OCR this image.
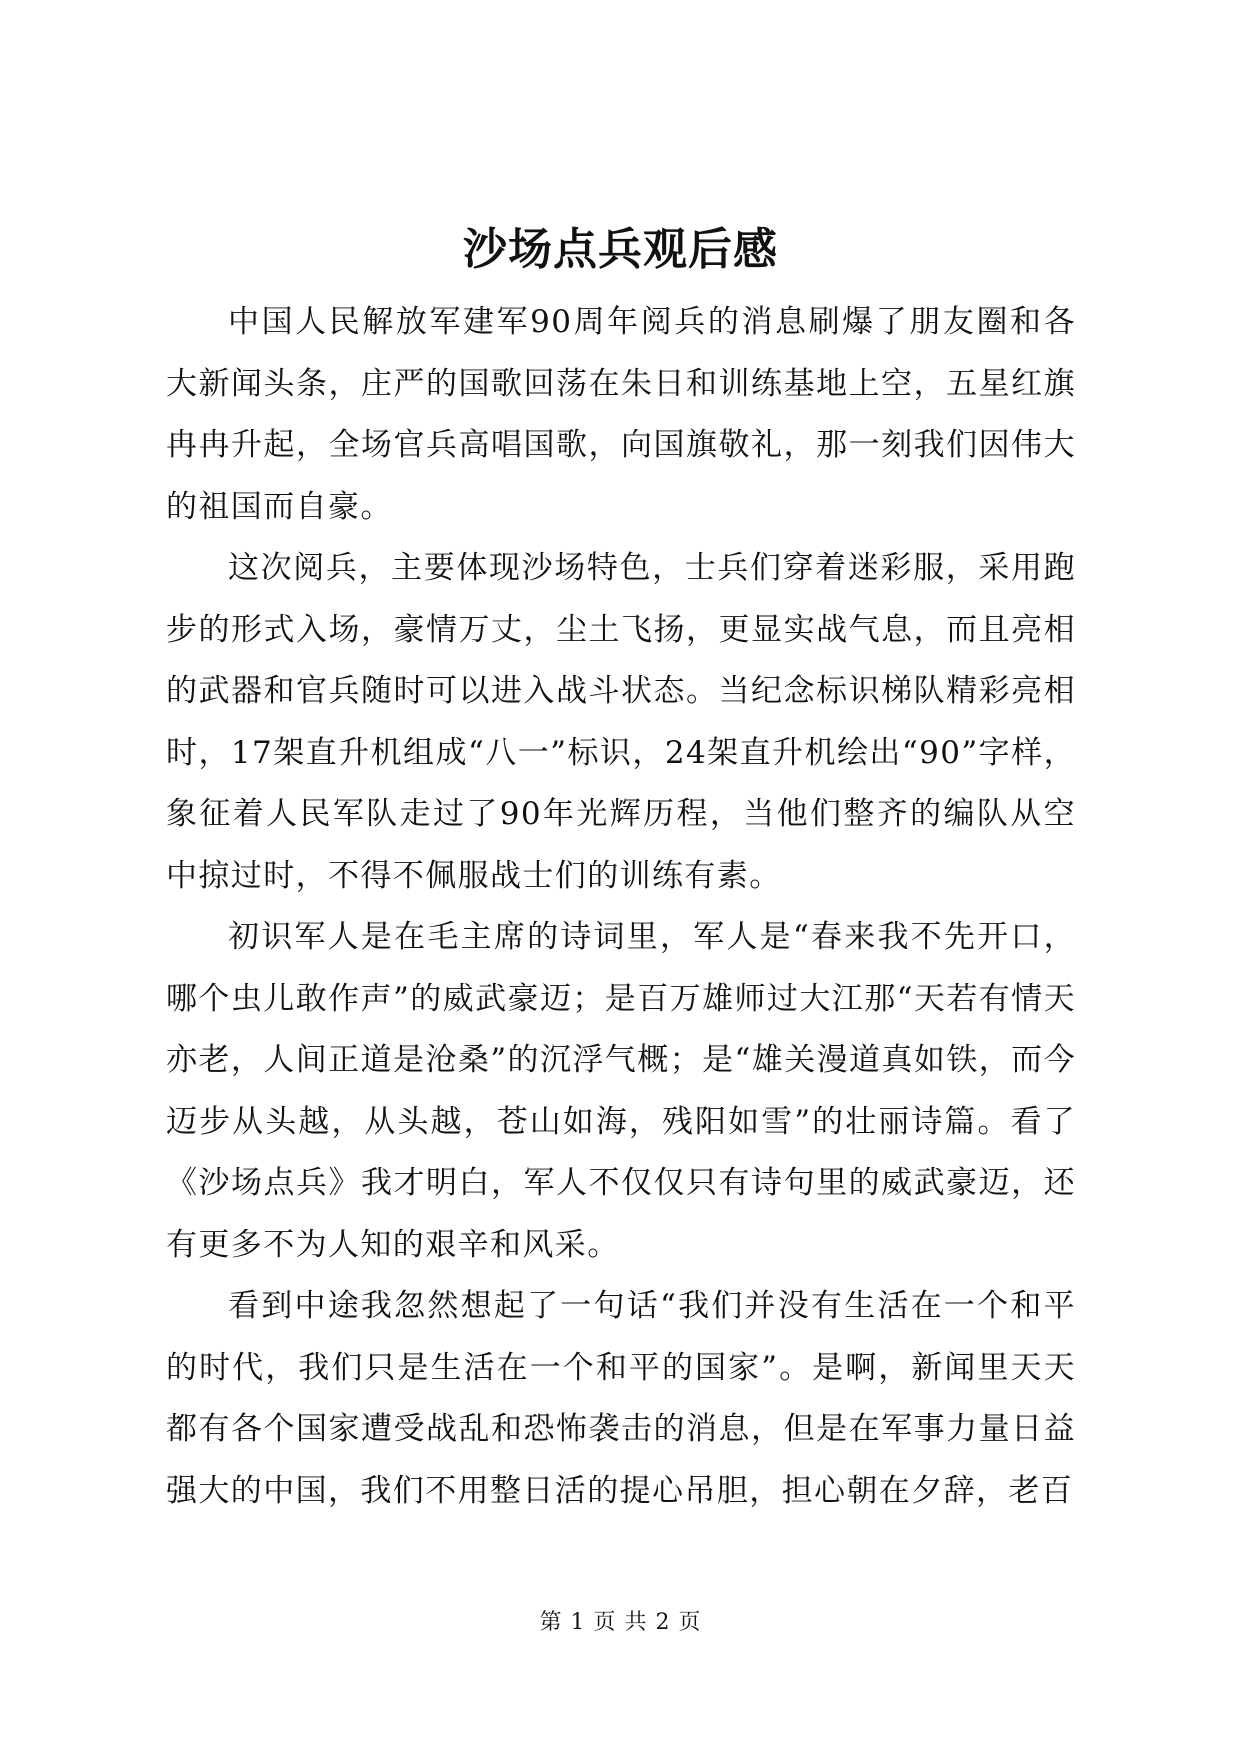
沙场点兵观后感

中国人民解放军建军90周年阅兵的消息刷爆了朋友圈和各大新闻头条，庄严的国歌回荡在朱日和训练基地上空，五星红旗冉冉升起，全场官兵高唱国歌，向国旗敬礼，那一刻我们因伟大的祖国而自豪。

这次阅兵，主要体现沙场特色，士兵们穿着迷彩服，采用跑步的形式入场，豪情万丈，尘土飞扬，更显实战气息，而且亮相的武器和官兵随时可以进入战斗状态。当纪念标识梯队精彩亮相时，17架直升机组成“八一”标识，24架直升机绘出“90”字样，象征着人民军队走过了90年光辉历程，当他们整齐的编队从空中掠过时，不得不佩服战士们的训练有素。

初识军人是在毛主席的诗词里，军人是“春来我不先开口，哪个虫儿敢作声”的威武豪迈；是百万雄师过大江那“天若有情天亦老，人间正道是沧桑”的沉浮气概；是“雄关漫道真如铁，而今迈步从头越，从头越，苍山如海，残阳如雪”的壮丽诗篇。看了《沙场点兵》我才明白，军人不仅仅只有诗句里的威武豪迈，还有更多不为人知的艰辛和风采。

看到中途我忽然想起了一句话“我们并没有生活在一个和平的时代，我们只是生活在一个和平的国家”。是啊，新闻里天天都有各个国家遭受战乱和恐怖袭击的消息，但是在军事力量日益强大的中国，我们不用整日活的提心吊胆，担心朝在夕辞，老百

第 1 页 共 2 页
